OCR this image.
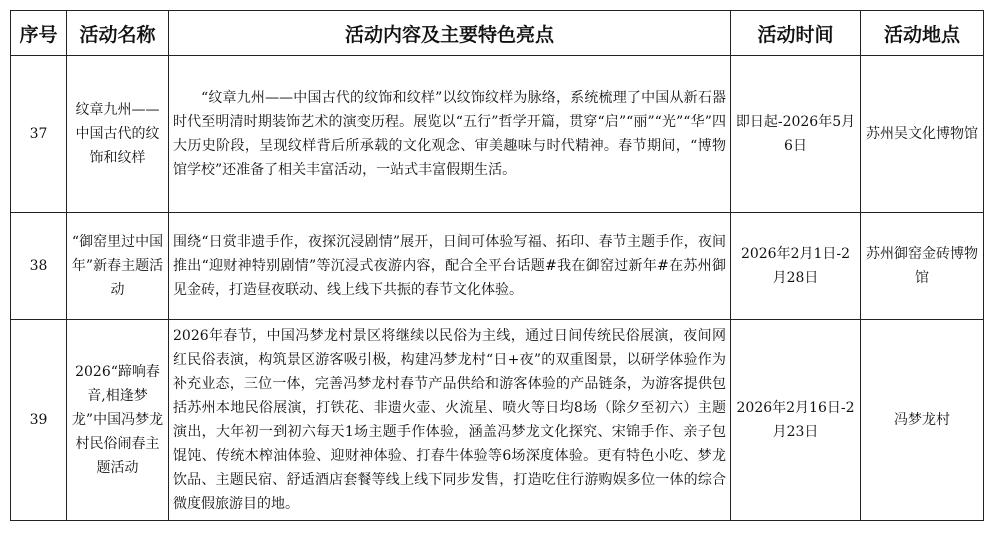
序号	活动名称	活动内容及主要特色亮点	活动时间	活动地点
37	纹章九州——中国古代的纹饰和纹样	“纹章九州——中国古代的纹饰和纹样”以纹饰纹样为脉络，系统梳理了中国从新石器时代至明清时期装饰艺术的演变历程。展览以“五行”哲学开篇，贯穿“启”“丽”“光”“华”四大历史阶段，呈现纹样背后所承载的文化观念、审美趣味与时代精神。春节期间，“博物馆学校”还准备了相关丰富活动，一站式丰富假期生活。	即日起-2026年5月6日	苏州吴文化博物馆
38	“御窑里过中国年”新春主题活动	围绕“日赏非遗手作，夜探沉浸剧情”展开，日间可体验写福、拓印、春节主题手作，夜间推出“迎财神特别剧情”等沉浸式夜游内容，配合全平台话题#我在御窑过新年#在苏州御见金砖，打造昼夜联动、线上线下共振的春节文化体验。	2026年2月1日-2月28日	苏州御窑金砖博物馆
39	2026“蹄响春音,相逢梦龙”中国冯梦龙村民俗闹春主题活动	2026年春节，中国冯梦龙村景区将继续以民俗为主线，通过日间传统民俗展演，夜间网红民俗表演，构筑景区游客吸引极，构建冯梦龙村“日+夜”的双重图景，以研学体验作为补充业态，三位一体，完善冯梦龙村春节产品供给和游客体验的产品链条，为游客提供包括苏州本地民俗展演，打铁花、非遗火壶、火流星、喷火等日均8场（除夕至初六）主题演出，大年初一到初六每天1场主题手作体验，涵盖冯梦龙文化探究、宋锦手作、亲子包馄饨、传统木榨油体验、迎财神体验、打春牛体验等6场深度体验。更有特色小吃、梦龙饮品、主题民宿、舒适酒店套餐等线上线下同步发售，打造吃住行游购娱多位一体的综合微度假旅游目的地。	2026年2月16日-2月23日	冯梦龙村
